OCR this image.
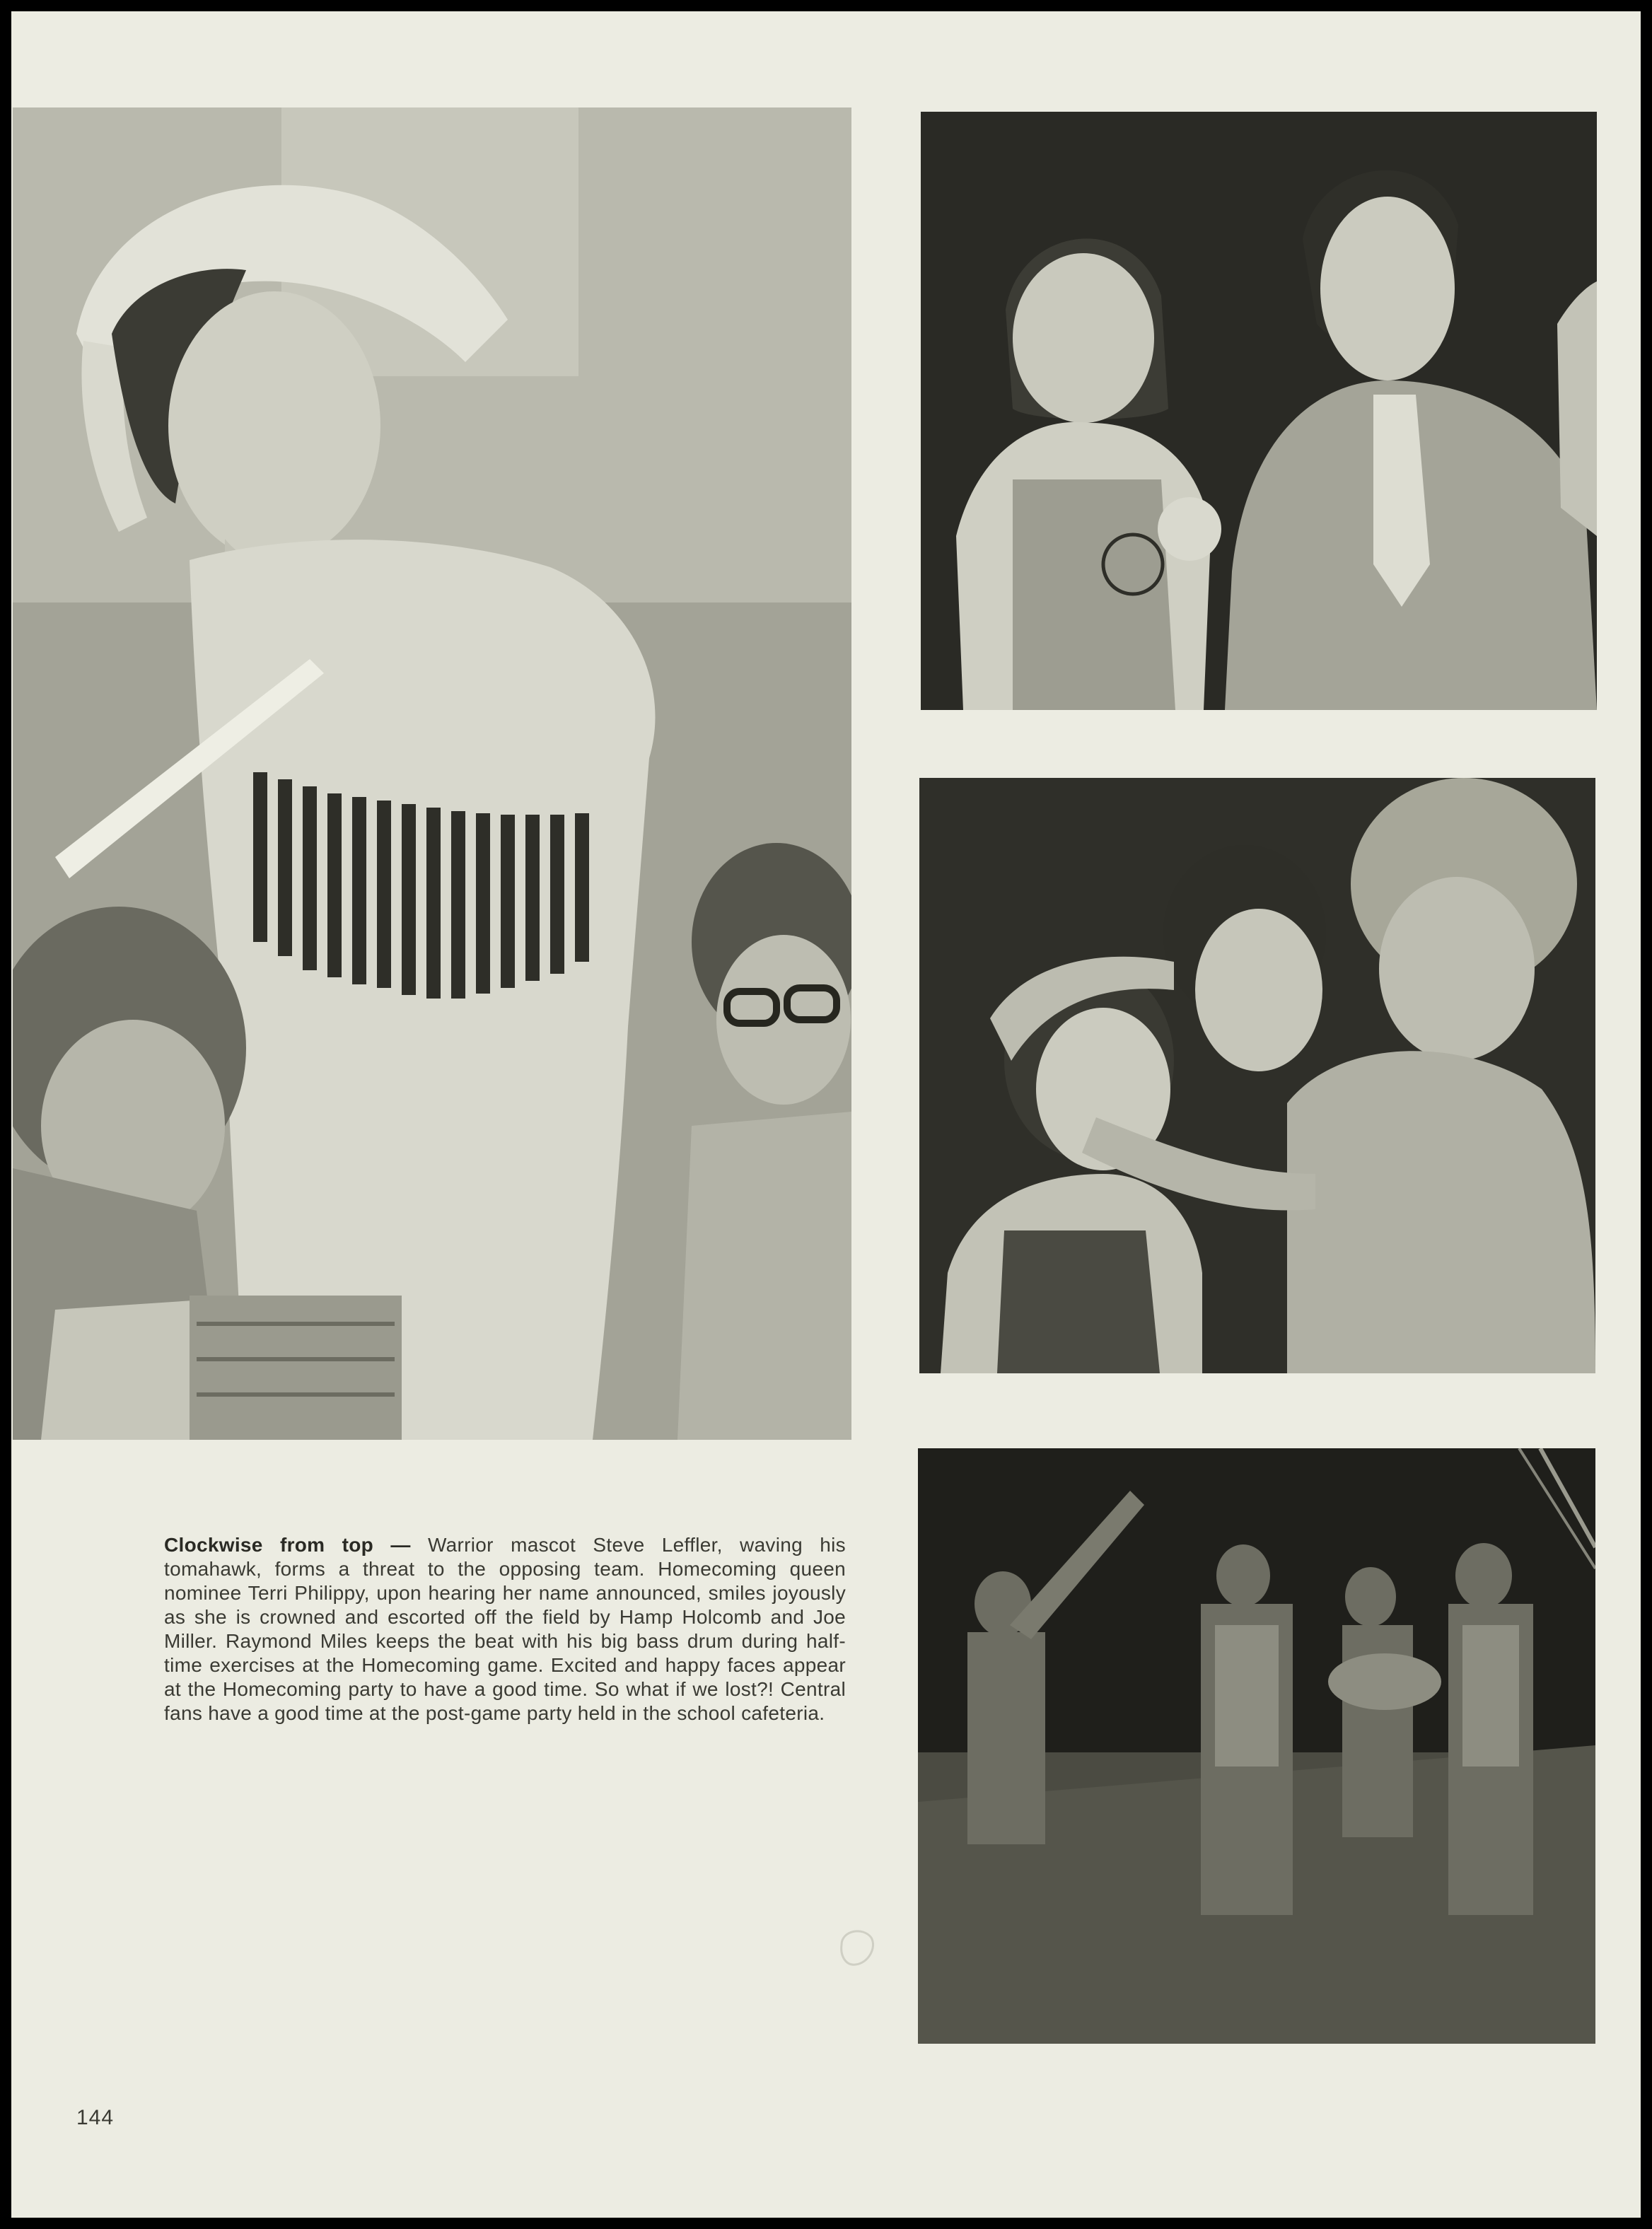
Clockwise from top — Warrior mascot Steve Leffler, waving his tomahawk, forms a threat to the opposing team. Homecoming queen nominee Terri Philippy, upon hearing her name announced, smiles joyously as she is crowned and escorted off the field by Hamp Holcomb and Joe Miller. Raymond Miles keeps the beat with his big bass drum during half-time exercises at the Homecoming game. Excited and happy faces appear at the Homecoming party to have a good time. So what if we lost?! Central fans have a good time at the post-game party held in the school cafeteria.

144
